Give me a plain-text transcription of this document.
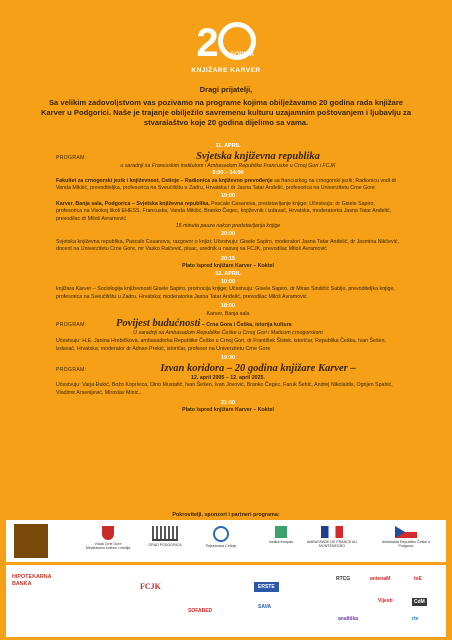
2	GODINA
KNJIŽARE KARVER
Dragi prijatelji,
Sa velikim zadovoljstvom vas pozivamo na programe kojima obilježavamo 20 godina rada knjižare Karver u Podgorici. Naše je trajanje obilježilo savremenu kulturu uzajamnim poštovanjem i ljubavlju za stvaralaštvo koje 20 godina dijelimo sa vama.
11. APRIL
PROGRAM:	Svjetska književna republika
u saradnji sa Francuskim institutom i Ambasadom Republike Francuske u Crnoj Gori i FCJK
9:00 – 14:00
Fakultet za crnogorski jezik i književnost, Cetinje – Radionica za književno prevođenje sa francuskog na crnogorski jezik; Radionicu vodi dr Vanda Mikšić, prevoditeljka, profesorica na Sveučilištu u Zadru, Hrvatska i dr Jasna Tatar Anđelić, profesorica na Univerzitetu Crne Gore
19:00
Karver, Banja sala, Podgorica – Svjetska književna republika, Pascale Casanova, predstavljanje knjige; Učestvuju: dr Gisele Sapiro, profesorica na Visokoj školi EHESS, Francuska, Vanda Mikšić, Branko Čegec, književnik i izdavač, Hrvatska, moderatorka Jasna Tatar Anđelić, prevodilac dr Miloš Avramović
15 minuta pauze nakon predstavljanja knjige
20:00
Svjetska književna republika, Pascale Casanova, razgovor o knjizi; Učestvuju: Gisele Sapiro, moderatori Jasna Tatar Anđelić, dr Jasmina Nikčević, docent na Univerzitetu Crne Gore, mr Vasko Raičević, pisac, urednik u nasvoj na FCJK, prevodilac Miloš Avramović
20:15
Plato ispred knjižare Karver – Koktel
12. APRIL
10:00
knjižara Karver – Sociologija književnosti Gisele Sapiro, promocija knjige; Učestvuju: Gisele Sapiro, dr Miran Sindičić Sabljo, prevoditeljka knjige, profesorica na Sveučilištu u Zadru, Hrvatska; moderatorka Jasna Tatar Anđelić, prevodilac Miloš Avramović
18:00
Karver, Banja sala
PROGRAM:	Povijest budućnosti – Crna Gora i Češka, istorija kultura
U saradnji sa Ambasadom Republike Češke u Crnoj Gori i Maticom crnogorskom
Učestvuju: H.E. Janina Hrebičkova, ambasadorka Republike Češke u Crnoj Gori, dr František Šistek, istoričar, Republika Češka, Ivan Šešen, izdavač, Hrvatska; moderator dr Adnan Prekić, istoričar, profesor na Univerzitetu Crne Gore
19:30
PROGRAM:	Izvan koridora – 20 godina knjižare Karver –
12. april 2005 – 12. april 2025.
Učestvuju: Varja Đukić, Božo Koprivica, Dino Mustafić, Ivan Šešen, Ivan Jovović, Branko Čegec, Faruk Šehić, Andrej Nikolaidis, Ognjen Spahić, Vladimir Arsenijević, Miroslav Minić...
21:00
Plato ispred knjižare Karver – Koktel
Pokrovitelji, sponzori i partneri programa:
Vlada Crne Gore
Ministarstvo kulture i medija
GRAD PODGORICA	Prijestonica Cetinje
Institut français	AMBASSADE DE FRANCE AU MONTÉNÉGRO
Ambasada Republike Češke u Podgorici
HIPOTEKARNA
BANKA	FCJK
SOFABED
ERSTE
SAVA
RTCG	antenaM	tvE
Vijesti	CdM
analitika	rtv
